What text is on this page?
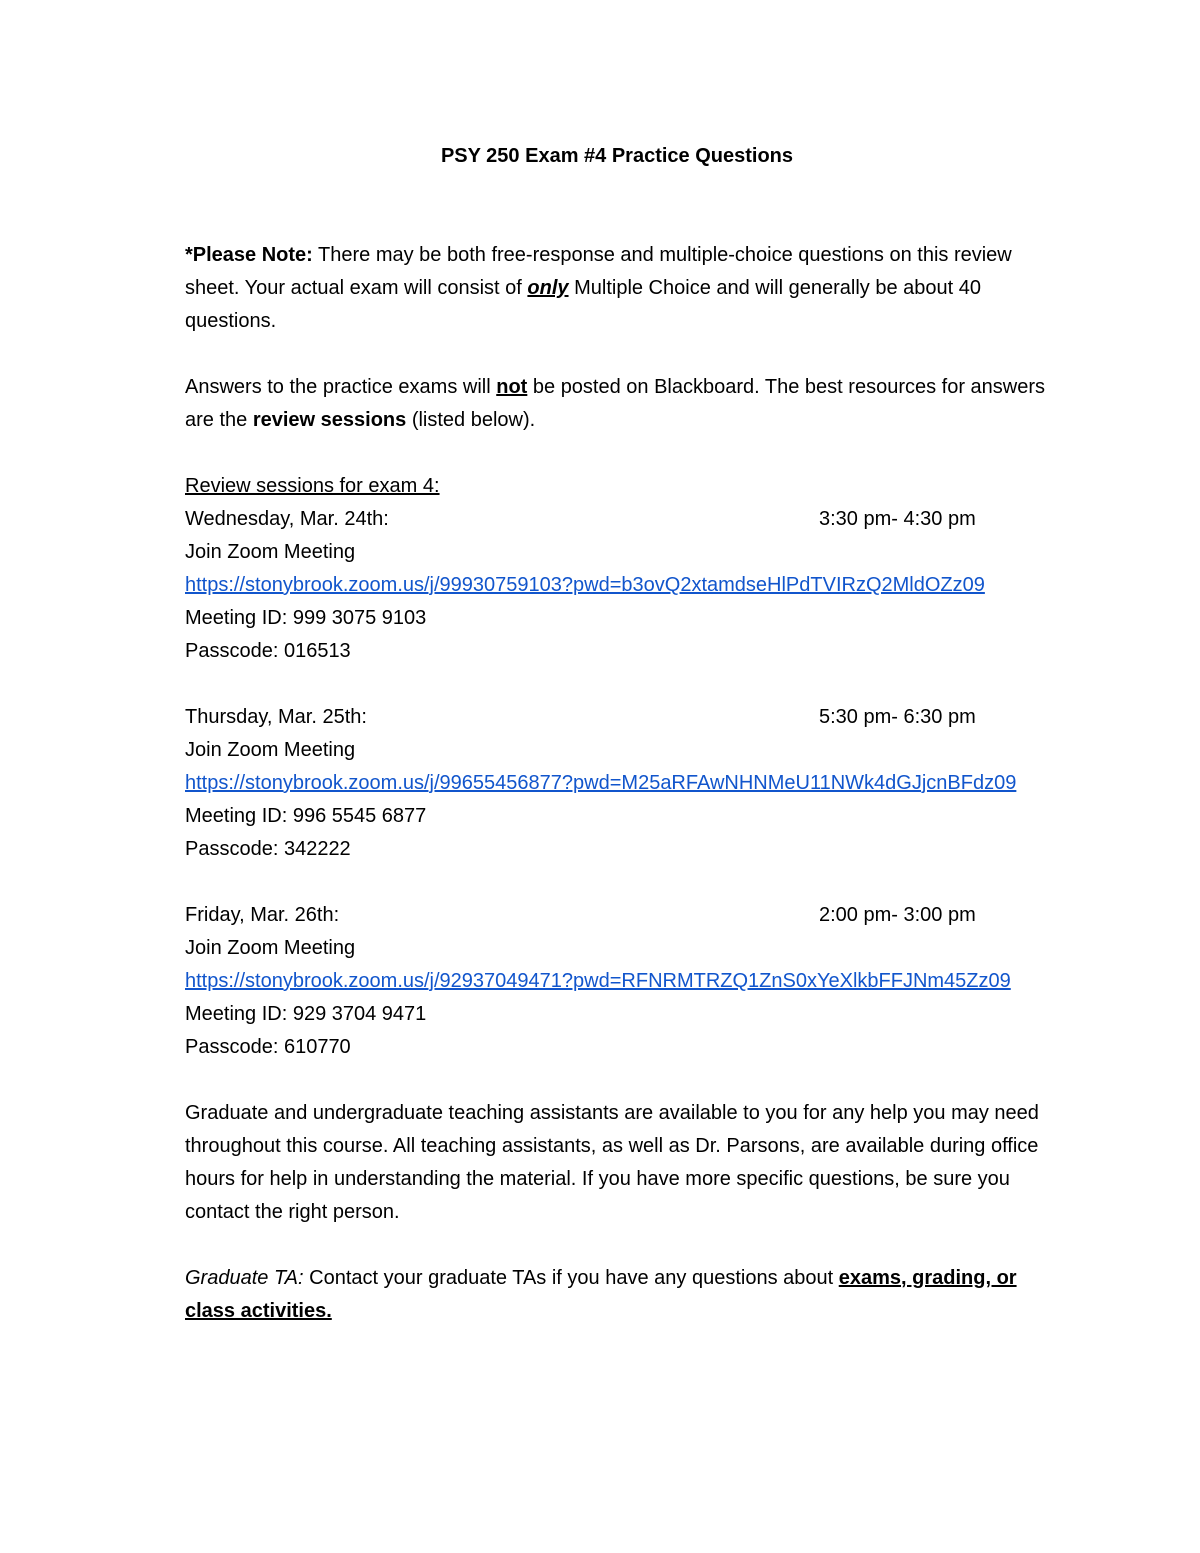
PSY 250 Exam #4 Practice Questions

*Please Note: There may be both free-response and multiple-choice questions on this review sheet. Your actual exam will consist of only Multiple Choice and will generally be about 40 questions.

Answers to the practice exams will not be posted on Blackboard. The best resources for answers are the review sessions (listed below).

Review sessions for exam 4:

Wednesday, Mar. 24th:	3:30 pm- 4:30 pm

Join Zoom Meeting

https://stonybrook.zoom.us/j/99930759103?pwd=b3ovQ2xtamdseHlPdTVIRzQ2MldOZz09

Meeting ID: 999 3075 9103

Passcode: 016513

Thursday, Mar. 25th:	5:30 pm- 6:30 pm

Join Zoom Meeting

https://stonybrook.zoom.us/j/99655456877?pwd=M25aRFAwNHNMeU11NWk4dGJjcnBFdz09

Meeting ID: 996 5545 6877

Passcode: 342222

Friday, Mar. 26th:	2:00 pm- 3:00 pm

Join Zoom Meeting

https://stonybrook.zoom.us/j/92937049471?pwd=RFNRMTRZQ1ZnS0xYeXlkbFFJNm45Zz09

Meeting ID: 929 3704 9471

Passcode: 610770

Graduate and undergraduate teaching assistants are available to you for any help you may need throughout this course. All teaching assistants, as well as Dr. Parsons, are available during office hours for help in understanding the material. If you have more specific questions, be sure you contact the right person.

Graduate TA: Contact your graduate TAs if you have any questions about exams, grading, or class activities.
